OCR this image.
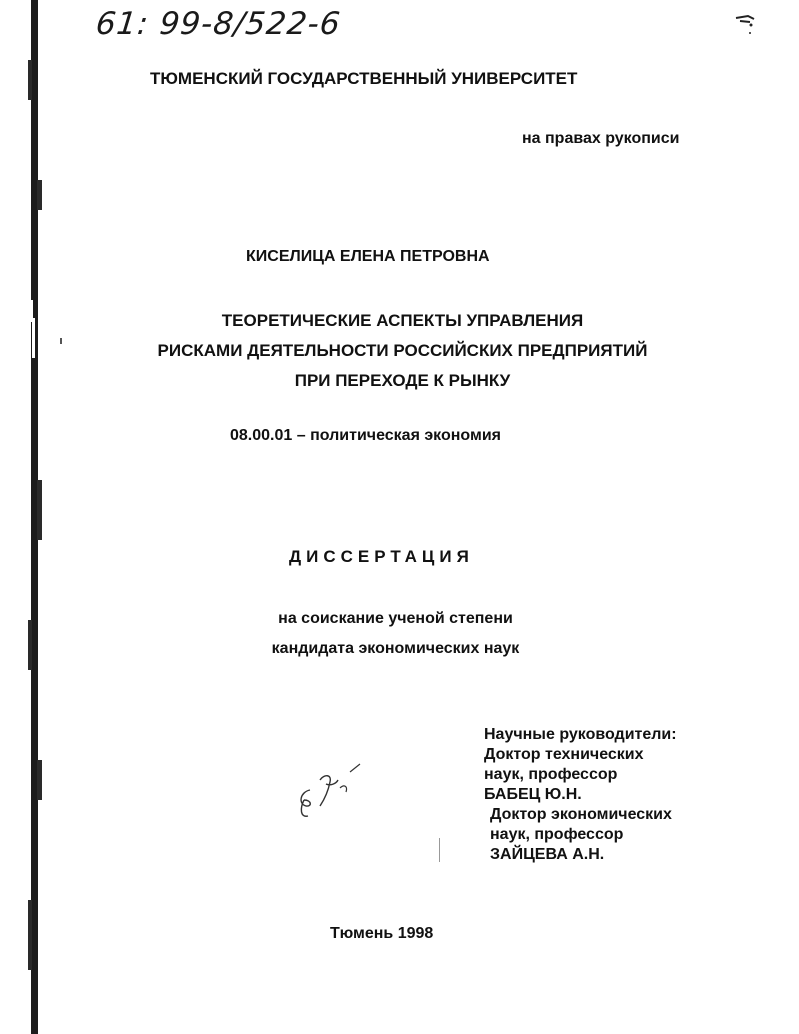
61: 99-8/522-6
ТЮМЕНСКИЙ ГОСУДАРСТВЕННЫЙ УНИВЕРСИТЕТ
на правах рукописи
КИСЕЛИЦА ЕЛЕНА ПЕТРОВНА
ТЕОРЕТИЧЕСКИЕ АСПЕКТЫ УПРАВЛЕНИЯ
РИСКАМИ ДЕЯТЕЛЬНОСТИ РОССИЙСКИХ ПРЕДПРИЯТИЙ
ПРИ ПЕРЕХОДЕ К РЫНКУ
08.00.01 – политическая экономия
ДИССЕРТАЦИЯ
на соискание ученой степени
кандидата экономических наук
Научные руководители:
Доктор технических
наук, профессор
БАБЕЦ Ю.Н.
Доктор экономических
наук, профессор
ЗАЙЦЕВА А.Н.
Тюмень 1998
